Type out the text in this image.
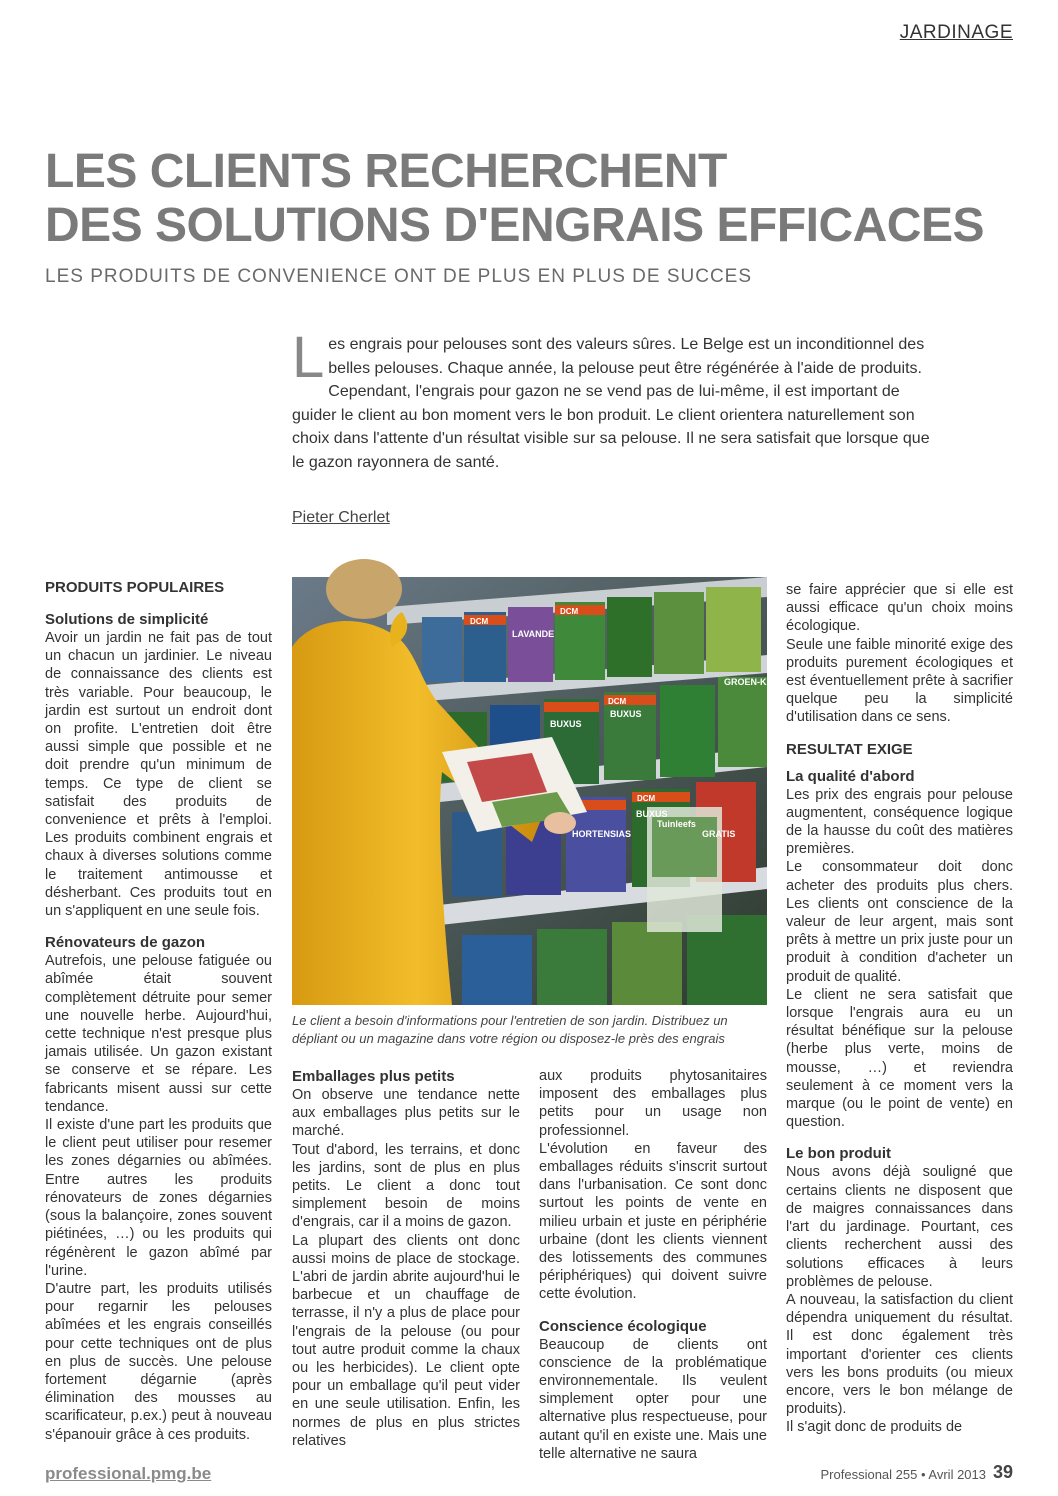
JARDINAGE
LES CLIENTS RECHERCHENT
DES SOLUTIONS D'ENGRAIS EFFICACES
LES PRODUITS DE CONVENIENCE ONT DE PLUS EN PLUS DE SUCCES
Les engrais pour pelouses sont des valeurs sûres. Le Belge est un inconditionnel des belles pelouses. Chaque année, la pelouse peut être régénérée à l'aide de produits. Cependant, l'engrais pour gazon ne se vend pas de lui-même, il est important de guider le client au bon moment vers le bon produit. Le client orientera naturellement son choix dans l'attente d'un résultat visible sur sa pelouse. Il ne sera satisfait que lorsque que le gazon rayonnera de santé.
Pieter Cherlet
PRODUITS POPULAIRES
Solutions de simplicité

Avoir un jardin ne fait pas de tout un chacun un jardinier. Le niveau de connaissance des clients est très variable. Pour beaucoup, le jardin est surtout un endroit dont on profite. L'entretien doit être aussi simple que possible et ne doit prendre qu'un minimum de temps. Ce type de client se satisfait des produits de convenience et prêts à l'emploi. Les produits combinent engrais et chaux à diverses solutions comme le traitement antimousse et désherbant. Ces produits tout en un s'appliquent en une seule fois.

Rénovateurs de gazon

Autrefois, une pelouse fatiguée ou abîmée était souvent complètement détruite pour semer une nouvelle herbe. Aujourd'hui, cette technique n'est presque plus jamais utilisée. Un gazon existant se conserve et se répare. Les fabricants misent aussi sur cette tendance.

Il existe d'une part les produits que le client peut utiliser pour resemer les zones dégarnies ou abîmées. Entre autres les produits rénovateurs de zones dégarnies (sous la balançoire, zones souvent piétinées, …) ou les produits qui régénèrent le gazon abîmé par l'urine.

D'autre part, les produits utilisés pour regarnir les pelouses abîmées et les engrais conseillés pour cette techniques ont de plus en plus de succès. Une pelouse fortement dégarnie (après élimination des mousses au scarificateur, p.ex.) peut à nouveau s'épanouir grâce à ces produits.

LAVANDE
BUXUS
BUXUS
GROEN-KA
HORTENSIAS
BUXUS
GRATIS
Tuinleefs
DCM
DCM
DCM
DCM
Le client a besoin d'informations pour l'entretien de son jardin. Distribuez un dépliant ou un magazine dans votre région ou disposez-le près des engrais
Emballages plus petits

On observe une tendance nette aux emballages plus petits sur le marché.

Tout d'abord, les terrains, et donc les jardins, sont de plus en plus petits. Le client a donc tout simplement besoin de moins d'engrais, car il a moins de gazon.

La plupart des clients ont donc aussi moins de place de stockage. L'abri de jardin abrite aujourd'hui le barbecue et un chauffage de terrasse, il n'y a plus de place pour l'engrais de la pelouse (ou pour tout autre produit comme la chaux ou les herbicides). Le client opte pour un emballage qu'il peut vider en une seule utilisation. Enfin, les normes de plus en plus strictes relatives

aux produits phytosanitaires imposent des emballages plus petits pour un usage non professionnel.

L'évolution en faveur des emballages réduits s'inscrit surtout dans l'urbanisation. Ce sont donc surtout les points de vente en milieu urbain et juste en périphérie urbaine (dont les clients viennent des lotissements des communes périphériques) qui doivent suivre cette évolution.

Conscience écologique

Beaucoup de clients ont conscience de la problématique environnementale. Ils veulent simplement opter pour une alternative plus respectueuse, pour autant qu'il en existe une. Mais une telle alternative ne saura

se faire apprécier que si elle est aussi efficace qu'un choix moins écologique.

Seule une faible minorité exige des produits purement écologiques et est éventuellement prête à sacrifier quelque peu la simplicité d'utilisation dans ce sens.

RESULTAT EXIGE
La qualité d'abord

Les prix des engrais pour pelouse augmentent, conséquence logique de la hausse du coût des matières premières.

Le consommateur doit donc acheter des produits plus chers. Les clients ont conscience de la valeur de leur argent, mais sont prêts à mettre un prix juste pour un produit à condition d'acheter un produit de qualité.

Le client ne sera satisfait que lorsque l'engrais aura eu un résultat bénéfique sur la pelouse (herbe plus verte, moins de mousse, …) et reviendra seulement à ce moment vers la marque (ou le point de vente) en question.

Le bon produit

Nous avons déjà souligné que certains clients ne disposent que de maigres connaissances dans l'art du jardinage. Pourtant, ces clients recherchent aussi des solutions efficaces à leurs problèmes de pelouse.

A nouveau, la satisfaction du client dépendra uniquement du résultat. Il est donc également très important d'orienter ces clients vers les bons produits (ou mieux encore, vers le bon mélange de produits).

Il s'agit donc de produits de

professional.pmg.be	Professional 255 • Avril 2013 39
